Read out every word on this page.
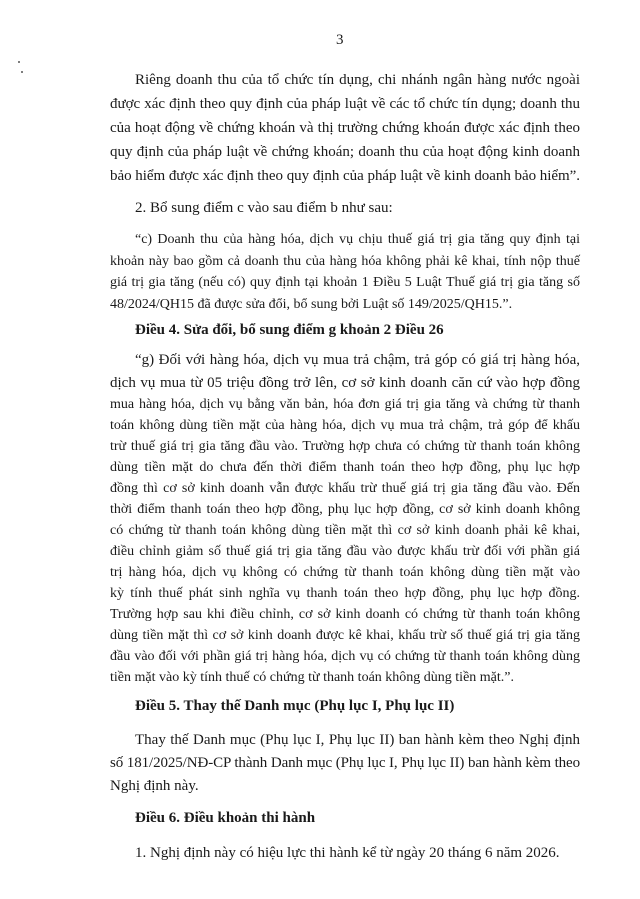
3
Riêng doanh thu của tổ chức tín dụng, chi nhánh ngân hàng nước ngoài
được xác định theo quy định của pháp luật về các tổ chức tín dụng; doanh thu
của hoạt động về chứng khoán và thị trường chứng khoán được xác định theo
quy định của pháp luật về chứng khoán; doanh thu của hoạt động kinh doanh
bảo hiểm được xác định theo quy định của pháp luật về kinh doanh bảo hiểm”.
2. Bổ sung điểm c vào sau điểm b như sau:
“c) Doanh thu của hàng hóa, dịch vụ chịu thuế giá trị gia tăng quy định tại
khoản này bao gồm cả doanh thu của hàng hóa không phải kê khai, tính nộp thuế
giá trị gia tăng (nếu có) quy định tại khoản 1 Điều 5 Luật Thuế giá trị gia tăng số
48/2024/QH15 đã được sửa đổi, bổ sung bởi Luật số 149/2025/QH15.”.
Điều 4. Sửa đổi, bổ sung điểm g khoản 2 Điều 26
“g) Đối với hàng hóa, dịch vụ mua trả chậm, trả góp có giá trị hàng hóa,
dịch vụ mua từ 05 triệu đồng trở lên, cơ sở kinh doanh căn cứ vào hợp đồng
mua hàng hóa, dịch vụ bằng văn bản, hóa đơn giá trị gia tăng và chứng từ thanh
toán không dùng tiền mặt của hàng hóa, dịch vụ mua trả chậm, trả góp để khấu
trừ thuế giá trị gia tăng đầu vào. Trường hợp chưa có chứng từ thanh toán không
dùng tiền mặt do chưa đến thời điểm thanh toán theo hợp đồng, phụ lục hợp
đồng thì cơ sở kinh doanh vẫn được khấu trừ thuế giá trị gia tăng đầu vào. Đến
thời điểm thanh toán theo hợp đồng, phụ lục hợp đồng, cơ sở kinh doanh không
có chứng từ thanh toán không dùng tiền mặt thì cơ sở kinh doanh phải kê khai,
điều chỉnh giảm số thuế giá trị gia tăng đầu vào được khấu trừ đối với phần giá
trị hàng hóa, dịch vụ không có chứng từ thanh toán không dùng tiền mặt vào
kỳ tính thuế phát sinh nghĩa vụ thanh toán theo hợp đồng, phụ lục hợp đồng.
Trường hợp sau khi điều chỉnh, cơ sở kinh doanh có chứng từ thanh toán không
dùng tiền mặt thì cơ sở kinh doanh được kê khai, khấu trừ số thuế giá trị gia tăng
đầu vào đối với phần giá trị hàng hóa, dịch vụ có chứng từ thanh toán không dùng
tiền mặt vào kỳ tính thuế có chứng từ thanh toán không dùng tiền mặt.”.
Điều 5. Thay thế Danh mục (Phụ lục I, Phụ lục II)
Thay thế Danh mục (Phụ lục I, Phụ lục II) ban hành kèm theo Nghị định
số 181/2025/NĐ-CP thành Danh mục (Phụ lục I, Phụ lục II) ban hành kèm theo
Nghị định này.
Điều 6. Điều khoản thi hành
1. Nghị định này có hiệu lực thi hành kể từ ngày 20 tháng 6 năm 2026.
